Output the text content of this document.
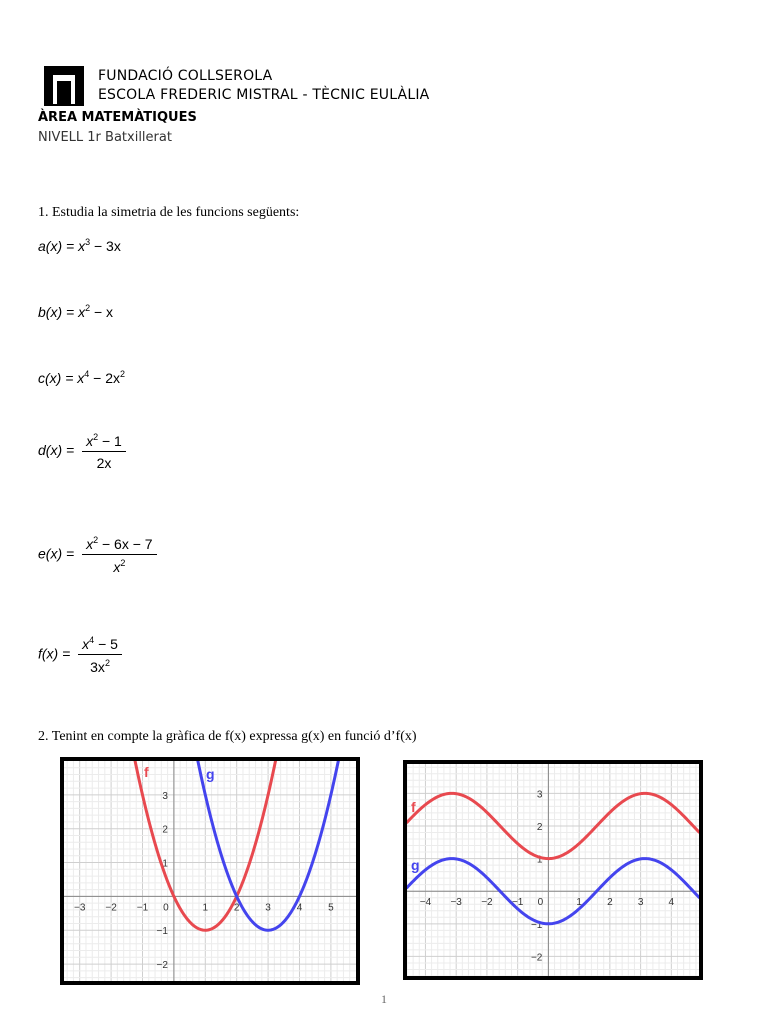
FUNDACIÓ COLLSEROLA
ESCOLA FREDERIC MISTRAL - TÈCNIC EULÀLIA
ÀREA MATEMÀTIQUES
NIVELL 1r Batxillerat
1. Estudia la simetria de les funcions següents:
$a(x) = x^3 - 3x$
$b(x) = x^2 - x$
$c(x) = x^4 - 2x^2$
$d(x) = \frac{x^2 - 1}{2x}$
$e(x) = \frac{x^2 - 6x - 7}{x^2}$
$f(x) = \frac{x^4 - 5}{3x^2}$
2. Tenint en compte la gràfica de f(x) expressa g(x) en funció d’f(x)
−3 −2 −1 0	1	2	3	4	5
−2
−1
1
2
3
f	g
−4 −3 −2 −1 0	1	2	3	4
−2
−1
1
2
3
f
g
1
